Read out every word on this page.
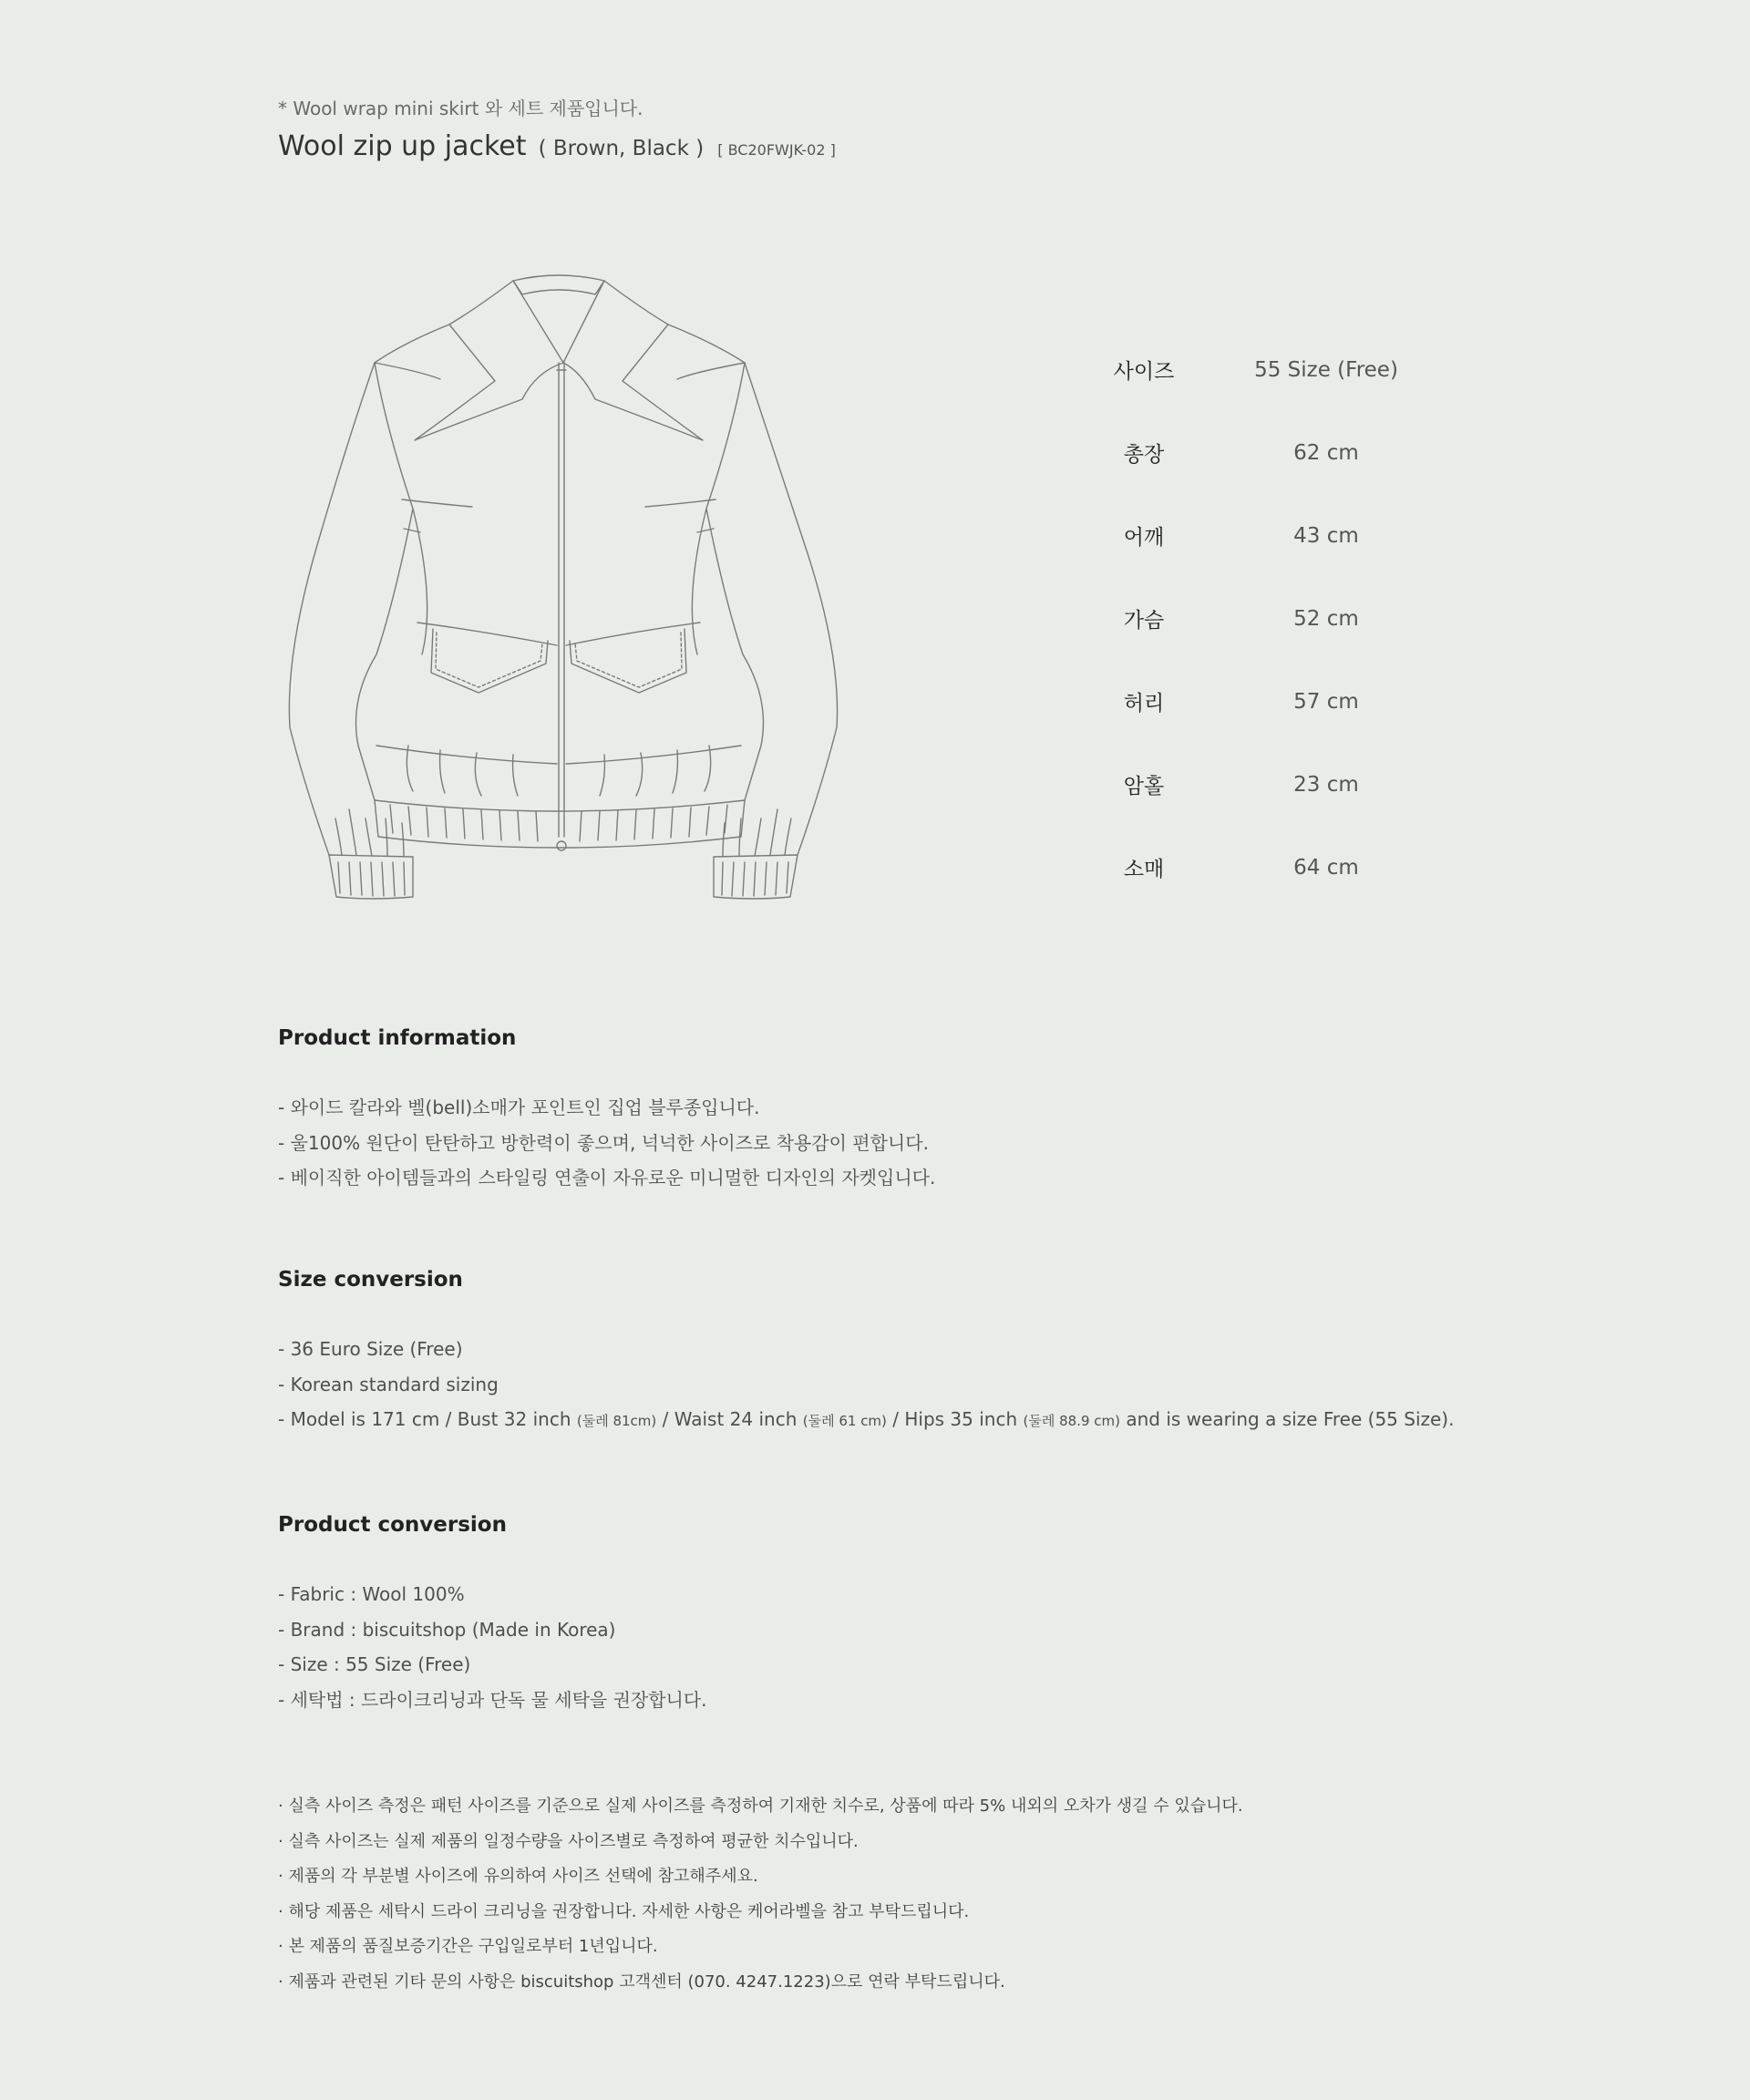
* Wool wrap mini skirt 와 세트 제품입니다.
Wool zip up jacket ( Brown, Black ) [ BC20FWJK-02 ]
사이즈	55 Size (Free)
총장	62 cm
어깨	43 cm
가슴	52 cm
허리	57 cm
암홀	23 cm
소매	64 cm
Product information
- 와이드 칼라와 벨(bell)소매가 포인트인 집업 블루종입니다.
- 울100% 원단이 탄탄하고 방한력이 좋으며, 넉넉한 사이즈로 착용감이 편합니다.
- 베이직한 아이템들과의 스타일링 연출이 자유로운 미니멀한 디자인의 자켓입니다.
Size conversion
- 36 Euro Size (Free)
- Korean standard sizing
- Model is 171 cm / Bust 32 inch (둘레 81cm) / Waist 24 inch (둘레 61 cm) / Hips 35 inch (둘레 88.9 cm) and is wearing a size Free (55 Size).
Product conversion
- Fabric : Wool 100%
- Brand : biscuitshop (Made in Korea)
- Size : 55 Size (Free)
- 세탁법 : 드라이크리닝과 단독 물 세탁을 권장합니다.
· 실측 사이즈 측정은 패턴 사이즈를 기준으로 실제 사이즈를 측정하여 기재한 치수로, 상품에 따라 5% 내외의 오차가 생길 수 있습니다.
· 실측 사이즈는 실제 제품의 일정수량을 사이즈별로 측정하여 평균한 치수입니다.
· 제품의 각 부분별 사이즈에 유의하여 사이즈 선택에 참고해주세요.
· 해당 제품은 세탁시 드라이 크리닝을 권장합니다. 자세한 사항은 케어라벨을 참고 부탁드립니다.
· 본 제품의 품질보증기간은 구입일로부터 1년입니다.
· 제품과 관련된 기타 문의 사항은 biscuitshop 고객센터 (070. 4247.1223)으로 연락 부탁드립니다.
